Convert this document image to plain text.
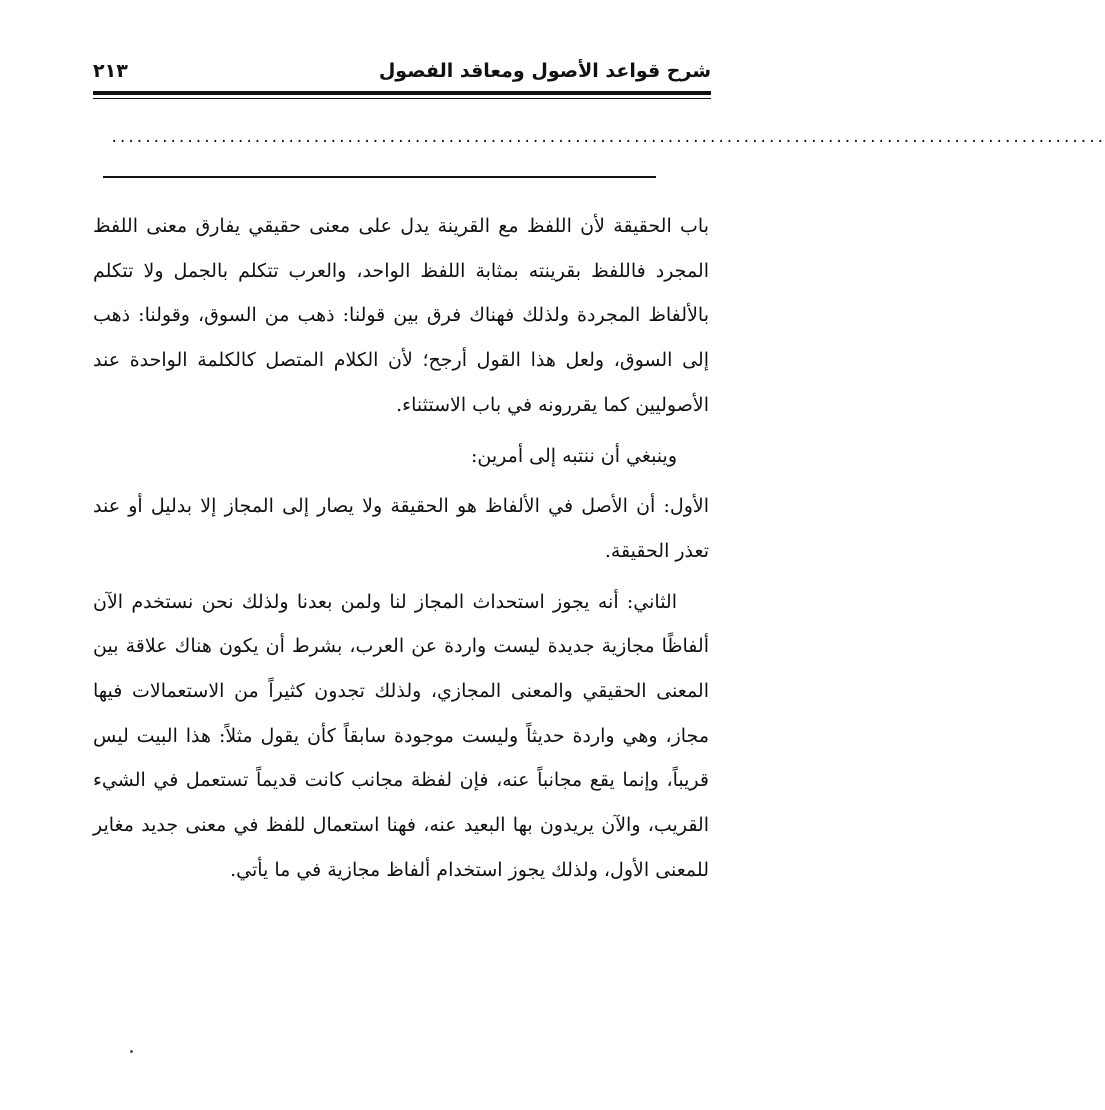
شرح قواعد الأصول ومعاقد الفصول
٢١٣
......................................................................................................................

باب الحقيقة لأن اللفظ مع القرينة يدل على معنى حقيقي يفارق معنى اللفظ المجرد فاللفظ بقرينته بمثابة اللفظ الواحد، والعرب تتكلم بالجمل ولا تتكلم بالألفاظ المجردة ولذلك فهناك فرق بين قولنا: ذهب من السوق، وقولنا: ذهب إلى السوق، ولعل هذا القول أرجح؛ لأن الكلام المتصل كالكلمة الواحدة عند الأصوليين كما يقررونه في باب الاستثناء.

وينبغي أن ننتبه إلى أمرين:

الأول: أن الأصل في الألفاظ هو الحقيقة ولا يصار إلى المجاز إلا بدليل أو عند تعذر الحقيقة.

الثاني: أنه يجوز استحداث المجاز لنا ولمن بعدنا ولذلك نحن نستخدم الآن ألفاظًا مجازية جديدة ليست واردة عن العرب، بشرط أن يكون هناك علاقة بين المعنى الحقيقي والمعنى المجازي، ولذلك تجدون كثيراً من الاستعمالات فيها مجاز، وهي واردة حديثاً وليست موجودة سابقاً كأن يقول مثلاً: هذا البيت ليس قريباً، وإنما يقع مجانباً عنه، فإن لفظة مجانب كانت قديماً تستعمل في الشيء القريب، والآن يريدون بها البعيد عنه، فهنا استعمال للفظ في معنى جديد مغاير للمعنى الأول، ولذلك يجوز استخدام ألفاظ مجازية في ما يأتي.
